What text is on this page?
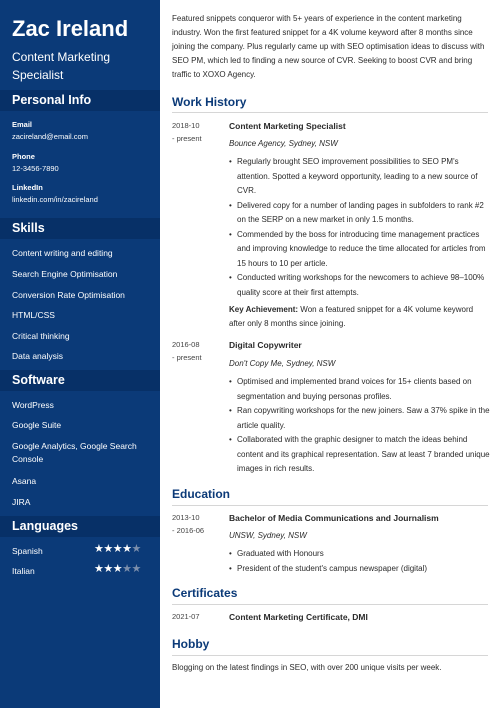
Zac Ireland
Content Marketing Specialist
Personal Info
Email
zacireland@email.com
Phone
12-3456-7890
LinkedIn
linkedin.com/in/zacireland
Skills
Content writing and editing
Search Engine Optimisation
Conversion Rate Optimisation
HTML/CSS
Critical thinking
Data analysis
Software
WordPress
Google Suite
Google Analytics, Google Search Console
Asana
JIRA
Languages
Spanish	★★★★★
Italian	★★★★★
Featured snippets conqueror with 5+ years of experience in the content marketing industry. Won the first featured snippet for a 4K volume keyword after 8 months since joining the company. Plus regularly came up with SEO optimisation ideas to discuss with SEO PM, which led to finding a new source of CVR. Seeking to boost CVR and bring traffic to XOXO Agency.
Work History
2018-10
- present
Content Marketing Specialist
Bounce Agency, Sydney, NSW
• Regularly brought SEO improvement possibilities to SEO PM's attention. Spotted a keyword opportunity, leading to a new source of CVR.
• Delivered copy for a number of landing pages in subfolders to rank #2 on the SERP on a new market in only 1.5 months.
• Commended by the boss for introducing time management practices and improving knowledge to reduce the time allocated for articles from 15 hours to 10 per article.
• Conducted writing workshops for the newcomers to achieve 98–100% quality score at their first attempts.
Key Achievement: Won a featured snippet for a 4K volume keyword after only 8 months since joining.
2016-08
- present
Digital Copywriter
Don't Copy Me, Sydney, NSW
• Optimised and implemented brand voices for 15+ clients based on segmentation and buying personas profiles.
• Ran copywriting workshops for the new joiners. Saw a 37% spike in the article quality.
• Collaborated with the graphic designer to match the ideas behind content and its graphical representation. Saw at least 7 branded unique images in rich results.
Education
2013-10
- 2016-06
Bachelor of Media Communications and Journalism
UNSW, Sydney, NSW
• Graduated with Honours
• President of the student's campus newspaper (digital)
Certificates
2021-07	Content Marketing Certificate, DMI
Hobby
Blogging on the latest findings in SEO, with over 200 unique visits per week.
